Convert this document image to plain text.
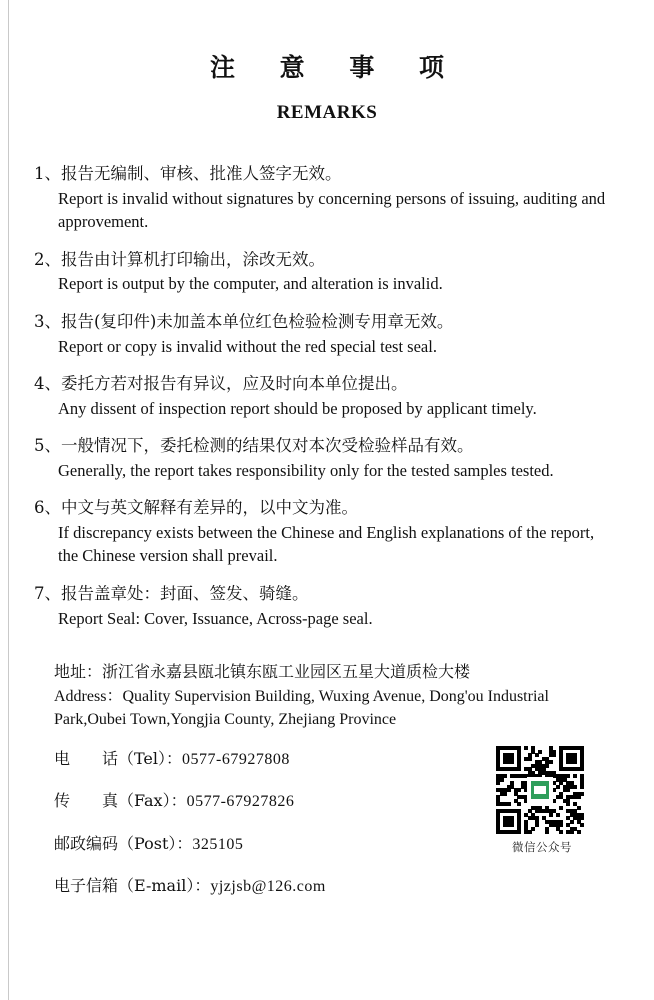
注 意 事 项
REMARKS
1、报告无编制、审核、批准人签字无效。
Report is invalid without signatures by concerning persons of issuing, auditing and approvement.
2、报告由计算机打印输出，涂改无效。
Report is output by the computer, and alteration is invalid.
3、报告(复印件)未加盖本单位红色检验检测专用章无效。
Report or copy is invalid without the red special test seal.
4、委托方若对报告有异议，应及时向本单位提出。
Any dissent of inspection report should be proposed by applicant timely.
5、一般情况下，委托检测的结果仅对本次受检验样品有效。
Generally, the report takes responsibility only for the tested samples tested.
6、中文与英文解释有差异的，以中文为准。
If discrepancy exists between the Chinese and English explanations of the report, the Chinese version shall prevail.
7、报告盖章处：封面、签发、骑缝。
Report Seal: Cover, Issuance, Across-page seal.
地址：浙江省永嘉县瓯北镇东瓯工业园区五星大道质检大楼
Address：Quality Supervision Building, Wuxing Avenue, Dong'ou Industrial Park,Oubei Town,Yongjia County, Zhejiang Province
电　　话（Tel）：0577-67927808
传　　真（Fax）：0577-67927826
邮政编码（Post）：325105
电子信箱（E-mail）：yjzjsb@126.com
微信公众号
